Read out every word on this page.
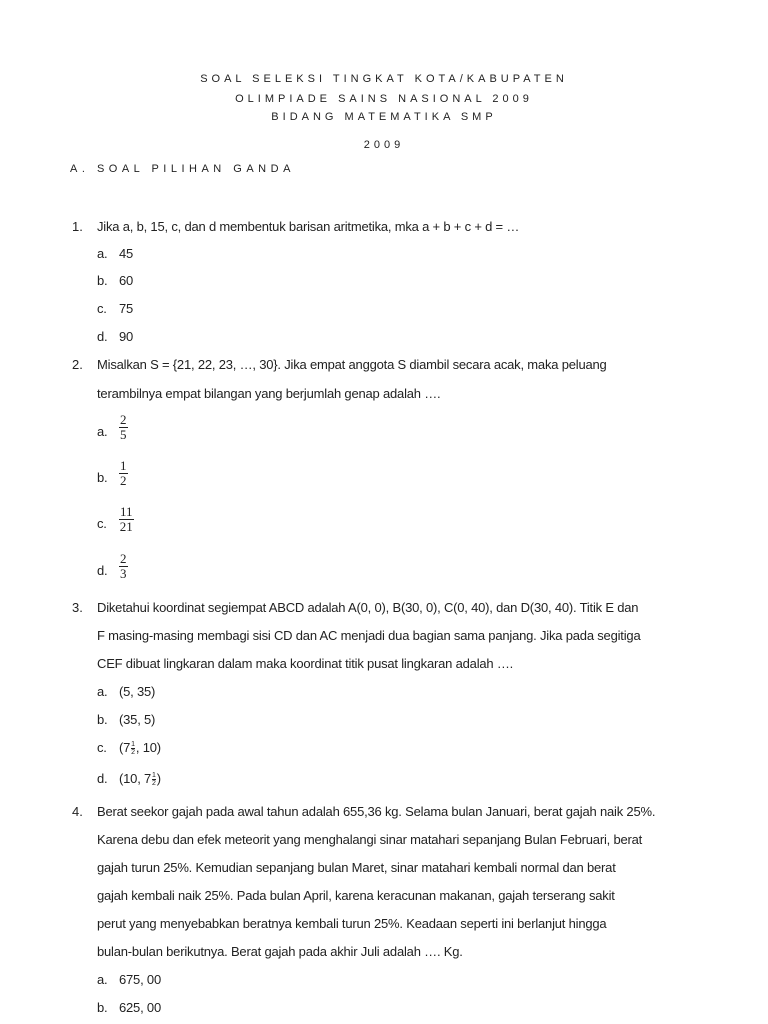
SOAL SELEKSI TINGKAT KOTA/KABUPATEN
OLIMPIADE SAINS NASIONAL 2009
BIDANG MATEMATIKA SMP
2009
A. SOAL PILIHAN GANDA
1. Jika a, b, 15, c, dan d membentuk barisan aritmetika, mka a + b + c + d = …
a. 45
b. 60
c. 75
d. 90
2. Misalkan S = {21, 22, 23, …, 30}. Jika empat anggota S diambil secara acak, maka peluang
terambilnya empat bilangan yang berjumlah genap adalah ….
a. $\frac{2}{5}$
b. $\frac{1}{2}$
c. $\frac{11}{21}$
d. $\frac{2}{3}$
3. Diketahui koordinat segiempat ABCD adalah A(0, 0), B(30, 0), C(0, 40), dan D(30, 40). Titik E dan
F masing-masing membagi sisi CD dan AC menjadi dua bagian sama panjang. Jika pada segitiga
CEF dibuat lingkaran dalam maka koordinat titik pusat lingkaran adalah ….
a. (5, 35)
b. (35, 5)
c. ($7 \frac{1}{2}$ , 10)
d. (10, $7 \frac{1}{2}$ )
4. Berat seekor gajah pada awal tahun adalah 655,36 kg. Selama bulan Januari, berat gajah naik 25%.
Karena debu dan efek meteorit yang menghalangi sinar matahari sepanjang Bulan Februari, berat
gajah turun 25%. Kemudian sepanjang bulan Maret, sinar matahari kembali normal dan berat
gajah kembali naik 25%. Pada bulan April, karena keracunan makanan, gajah terserang sakit
perut yang menyebabkan beratnya kembali turun 25%. Keadaan seperti ini berlanjut hingga
bulan-bulan berikutnya. Berat gajah pada akhir Juli adalah …. Kg.
a. 675, 00
b. 625, 00
